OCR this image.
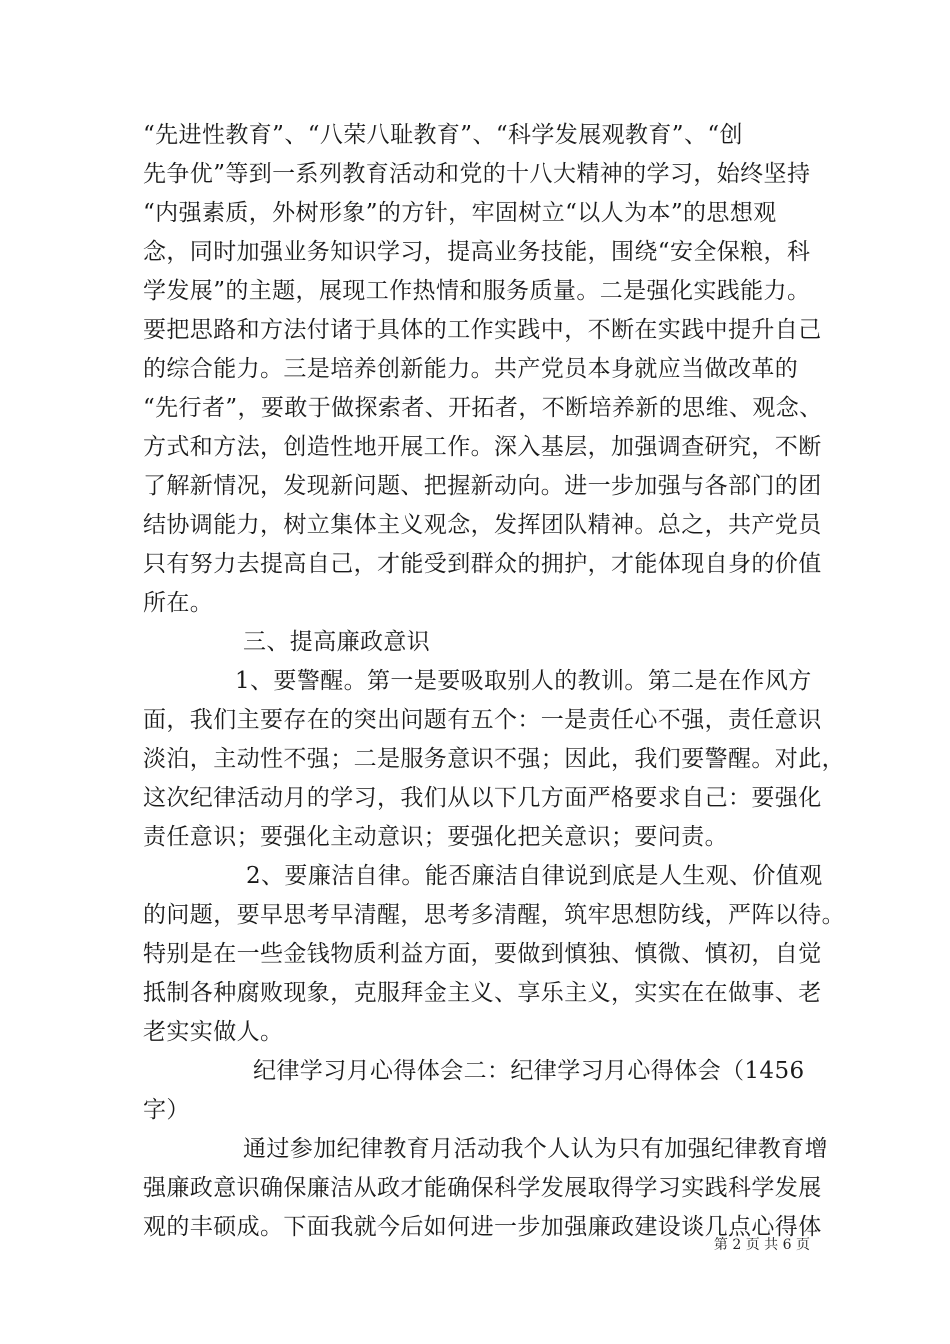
“先进性教育”、“八荣八耻教育”、“科学发展观教育”、“创
先争优”等到一系列教育活动和党的十八大精神的学习，始终坚持
“内强素质，外树形象”的方针，牢固树立“以人为本”的思想观
念，同时加强业务知识学习，提高业务技能，围绕“安全保粮，科
学发展”的主题，展现工作热情和服务质量。二是强化实践能力。
要把思路和方法付诸于具体的工作实践中，不断在实践中提升自己
的综合能力。三是培养创新能力。共产党员本身就应当做改革的
“先行者”，要敢于做探索者、开拓者，不断培养新的思维、观念、
方式和方法，创造性地开展工作。深入基层，加强调查研究，不断
了解新情况，发现新问题、把握新动向。进一步加强与各部门的团
结协调能力，树立集体主义观念，发挥团队精神。总之，共产党员
只有努力去提高自己，才能受到群众的拥护，才能体现自身的价值
所在。
三、提高廉政意识
1、要警醒。第一是要吸取别人的教训。第二是在作风方
面，我们主要存在的突出问题有五个：一是责任心不强，责任意识
淡泊，主动性不强；二是服务意识不强；因此，我们要警醒。对此，
这次纪律活动月的学习，我们从以下几方面严格要求自己：要强化
责任意识；要强化主动意识；要强化把关意识；要问责。
2、要廉洁自律。能否廉洁自律说到底是人生观、价值观
的问题，要早思考早清醒，思考多清醒，筑牢思想防线，严阵以待。
特别是在一些金钱物质利益方面，要做到慎独、慎微、慎初，自觉
抵制各种腐败现象，克服拜金主义、享乐主义，实实在在做事、老
老实实做人。
纪律学习月心得体会二：纪律学习月心得体会（1456
字）
通过参加纪律教育月活动我个人认为只有加强纪律教育增
强廉政意识确保廉洁从政才能确保科学发展取得学习实践科学发展
观的丰硕成。下面我就今后如何进一步加强廉政建设谈几点心得体
第 2 页 共 6 页
